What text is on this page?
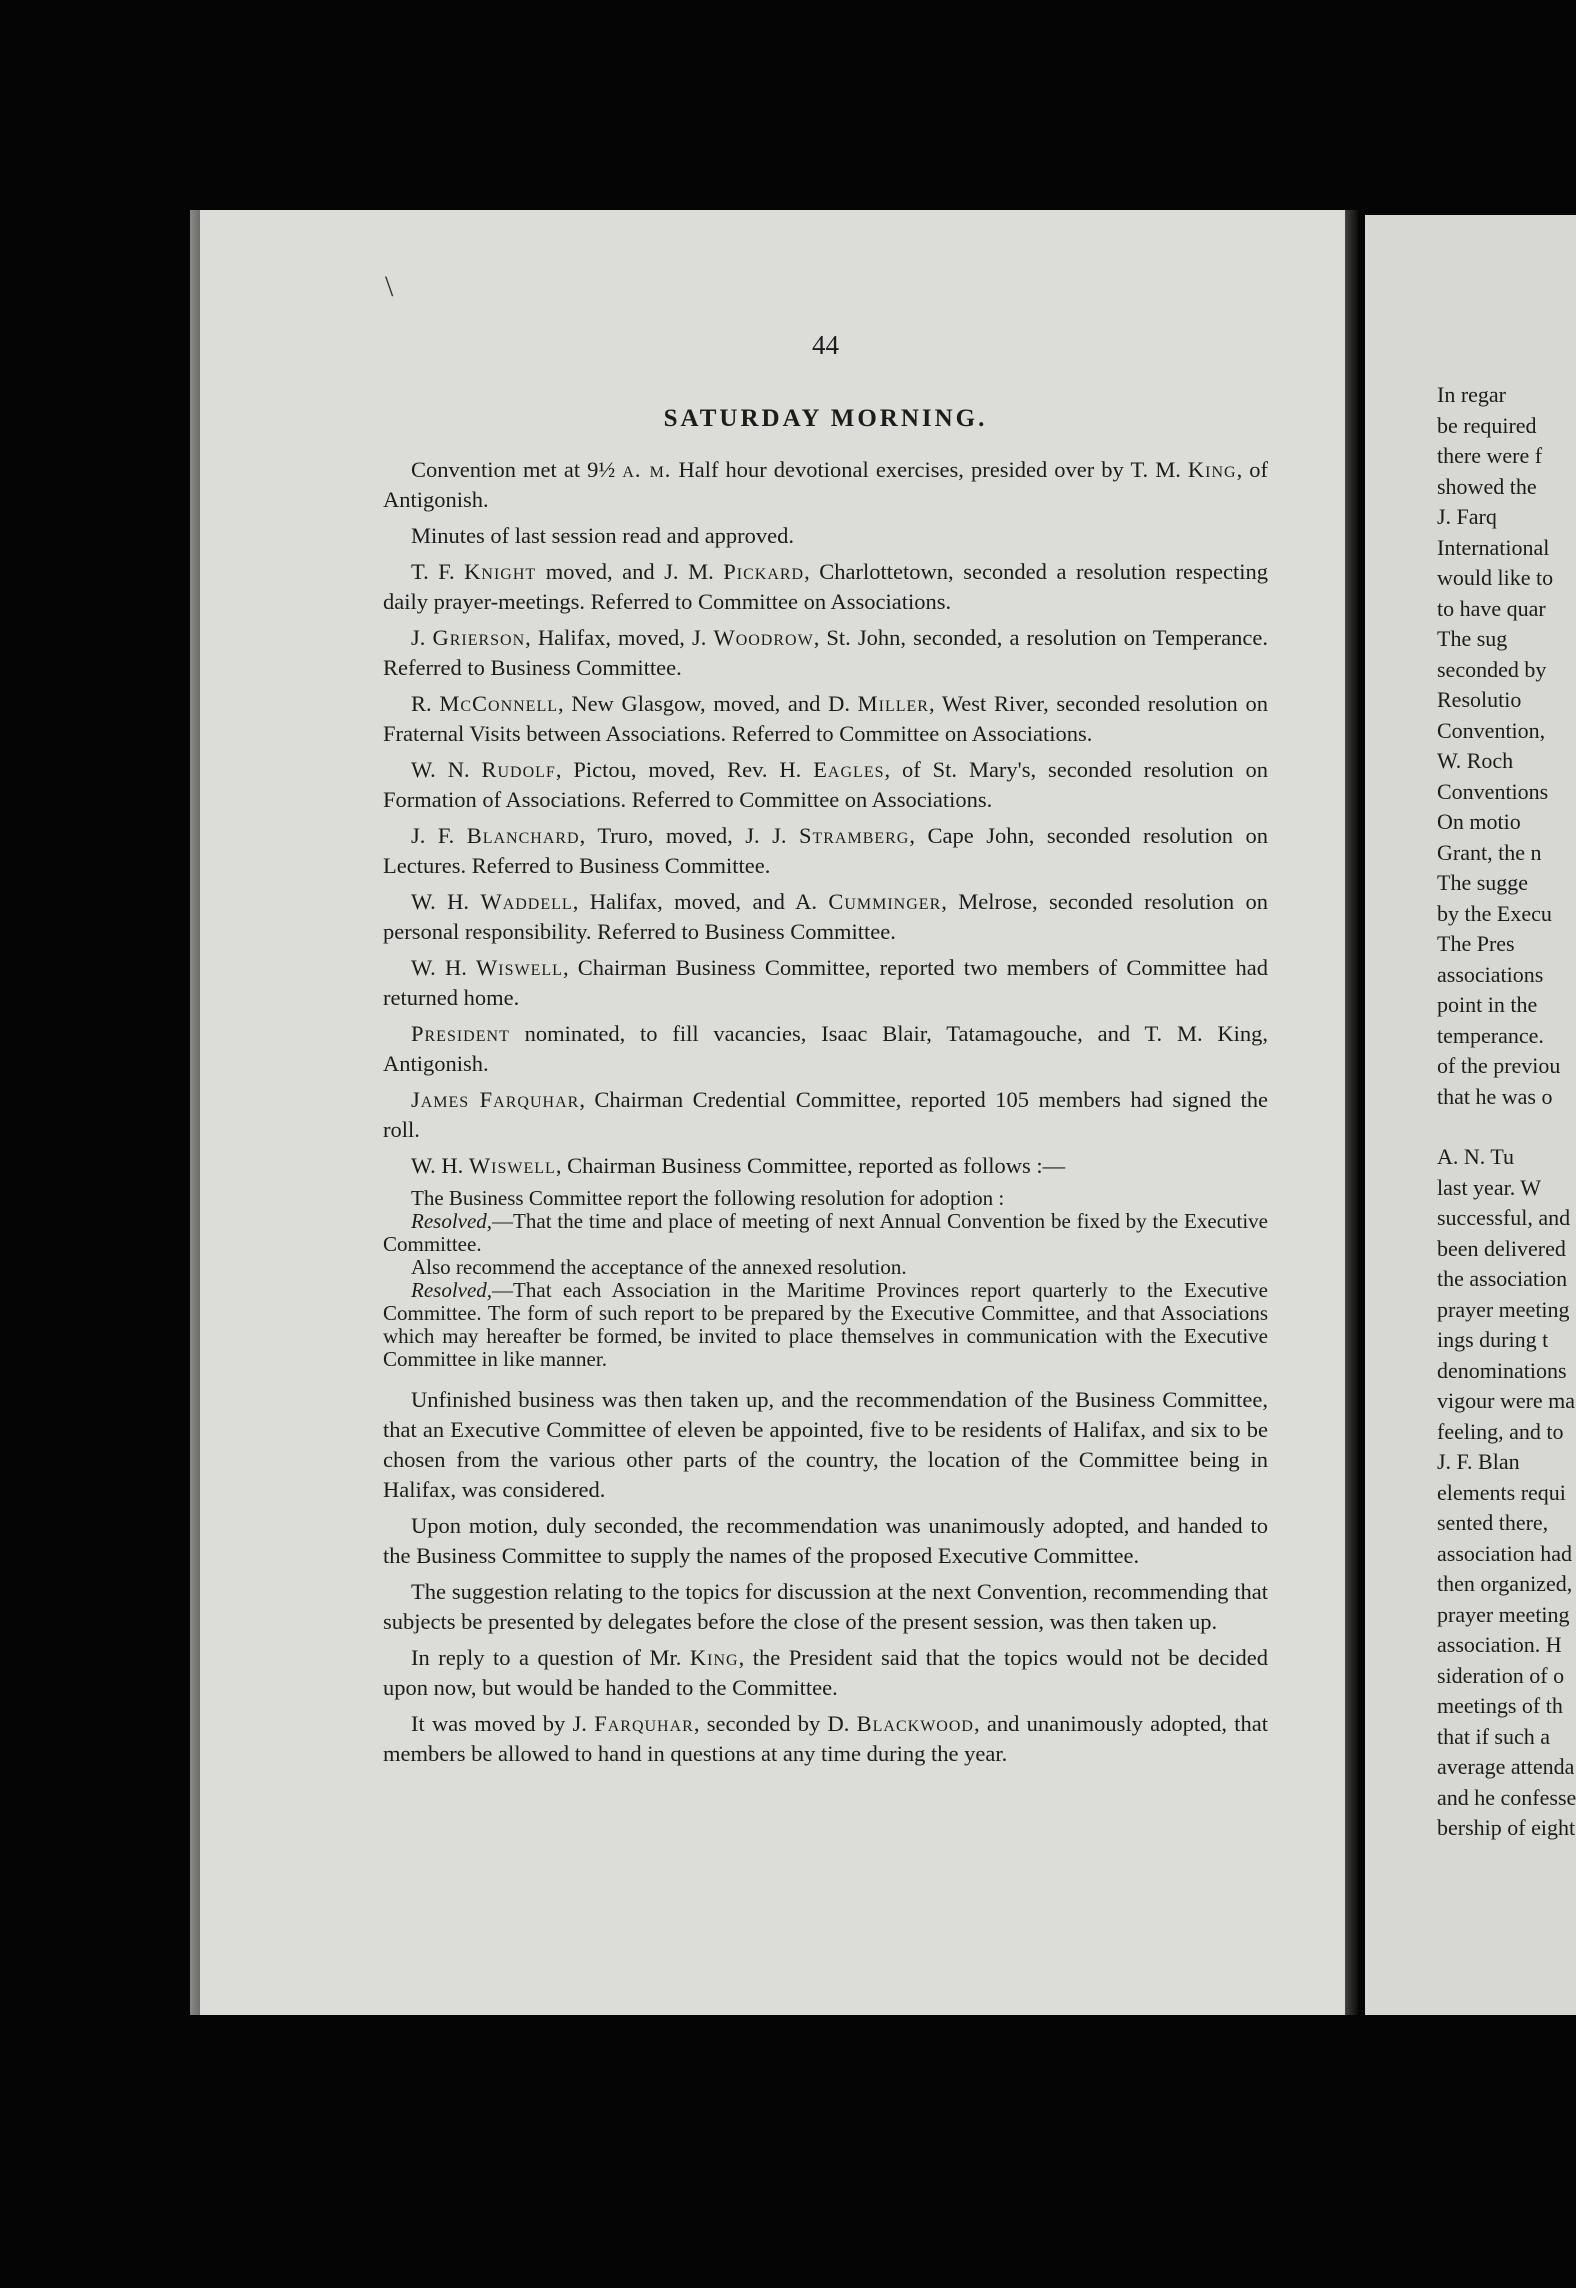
44
SATURDAY MORNING.

Convention met at 9½ a. m. Half hour devotional exercises, presided over by T. M. King, of Antigonish.

Minutes of last session read and approved.

T. F. Knight moved, and J. M. Pickard, Charlottetown, seconded a resolution respecting daily prayer-meetings. Referred to Committee on Associations.

J. Grierson, Halifax, moved, J. Woodrow, St. John, seconded, a resolution on Temperance. Referred to Business Committee.

R. McConnell, New Glasgow, moved, and D. Miller, West River, seconded resolution on Fraternal Visits between Associations. Referred to Committee on Associations.

W. N. Rudolf, Pictou, moved, Rev. H. Eagles, of St. Mary's, seconded resolution on Formation of Associations. Referred to Committee on Associations.

J. F. Blanchard, Truro, moved, J. J. Stramberg, Cape John, seconded resolution on Lectures. Referred to Business Committee.

W. H. Waddell, Halifax, moved, and A. Cumminger, Melrose, seconded resolution on personal responsibility. Referred to Business Committee.

W. H. Wiswell, Chairman Business Committee, reported two members of Committee had returned home.

President nominated, to fill vacancies, Isaac Blair, Tatamagouche, and T. M. King, Antigonish.

James Farquhar, Chairman Credential Committee, reported 105 members had signed the roll.

W. H. Wiswell, Chairman Business Committee, reported as follows :—

The Business Committee report the following resolution for adoption :

Resolved,—That the time and place of meeting of next Annual Convention be fixed by the Executive Committee.

Also recommend the acceptance of the annexed resolution.

Resolved,—That each Association in the Maritime Provinces report quarterly to the Executive Committee. The form of such report to be prepared by the Executive Committee, and that Associations which may hereafter be formed, be invited to place themselves in communication with the Executive Committee in like manner.

Unfinished business was then taken up, and the recommendation of the Business Committee, that an Executive Committee of eleven be appointed, five to be residents of Halifax, and six to be chosen from the various other parts of the country, the location of the Committee being in Halifax, was considered.

Upon motion, duly seconded, the recommendation was unanimously adopted, and handed to the Business Committee to supply the names of the proposed Executive Committee.

The suggestion relating to the topics for discussion at the next Convention, recommending that subjects be presented by delegates before the close of the present session, was then taken up.

In reply to a question of Mr. King, the President said that the topics would not be decided upon now, but would be handed to the Committee.

It was moved by J. Farquhar, seconded by D. Blackwood, and unanimously adopted, that members be allowed to hand in questions at any time during the year.

In regar
be required
there were f
showed the
J. Farq
International
would like to
to have quar
The sug
seconded by
Resolutio
Convention,
W. Roch
Conventions
On motio
Grant, the n
The sugge
by the Execu
The Pres
associations
point in the
temperance.
of the previou
that he was o
A. N. Tu
last year. W
successful, and
been delivered
the association
prayer meeting
ings during t
denominations
vigour were ma
feeling, and to
J. F. Blan
elements requi
sented there,
association had
then organized,
prayer meeting
association. H
sideration of o
meetings of th
that if such a
average attenda
and he confesse
bership of eight
\
